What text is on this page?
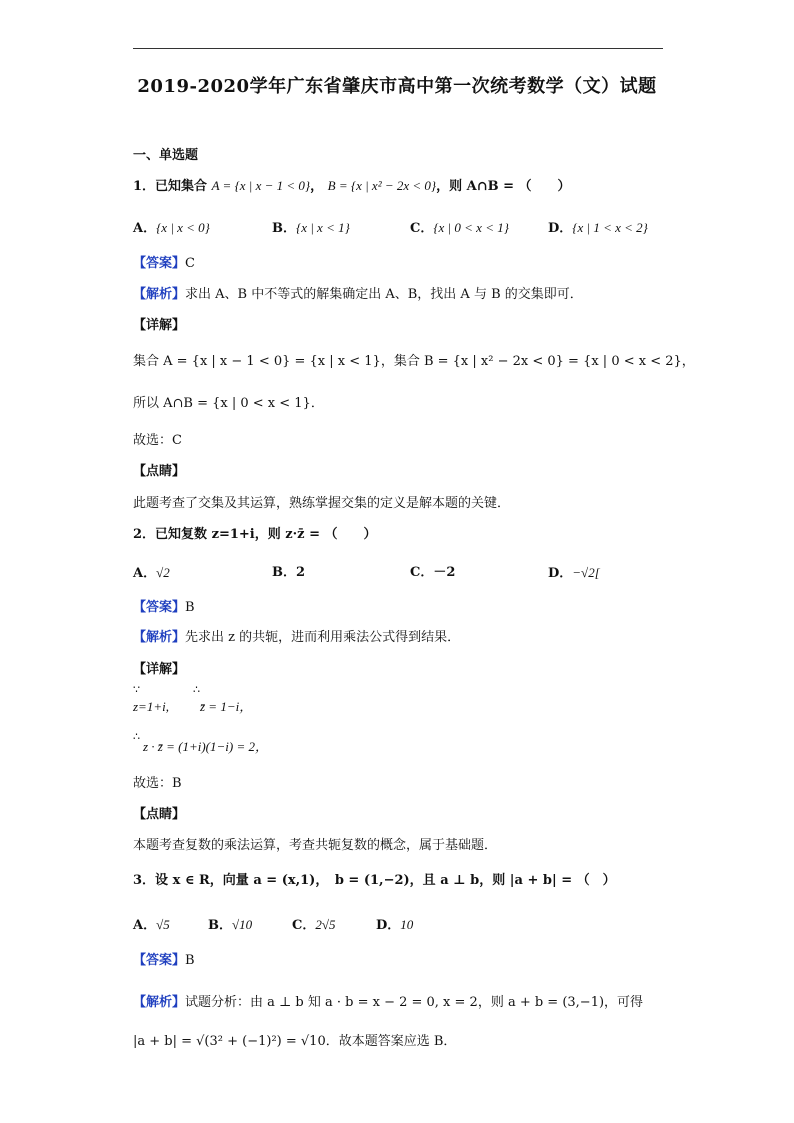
2019-2020学年广东省肇庆市高中第一次统考数学（文）试题
一、单选题
1．已知集合 A = {x | x − 1 < 0}， B = {x | x² − 2x < 0}，则 A∩B = （　　）
A．{x | x < 0}	B．{x | x < 1}	C．{x | 0 < x < 1}	D．{x | 1 < x < 2}
【答案】C
【解析】求出 A、B 中不等式的解集确定出 A、B，找出 A 与 B 的交集即可．
【详解】
集合 A = {x | x − 1 < 0} = {x | x < 1}，集合 B = {x | x² − 2x < 0} = {x | 0 < x < 2}，
所以 A∩B = {x | 0 < x < 1}．
故选：C
【点睛】
此题考查了交集及其运算，熟练掌握交集的定义是解本题的关键．
2．已知复数 z=1+i，则 z·z̄ = （　　）
A．√2	B．2	C．－2	D．−√2[
【答案】B
【解析】先求出 z 的共轭，进而利用乘法公式得到结果．
【详解】
∵	∴
z=1+i, z̄ = 1−i，
∴
z · z̄ = (1+i)(1−i) = 2，
故选：B
【点睛】
本题考查复数的乘法运算，考查共轭复数的概念，属于基础题．
3．设 x ∈ R，向量 a = (x,1)，　b = (1,−2)，且 a ⊥ b，则 |a + b| = （　）
A．√5	B．√10	C．2√5	D．10
【答案】B
【解析】试题分析：由 a ⊥ b 知 a · b = x − 2 = 0, x = 2，则 a + b = (3,−1)，可得
|a + b| = √(3² + (−1)²) = √10．故本题答案应选 B．
